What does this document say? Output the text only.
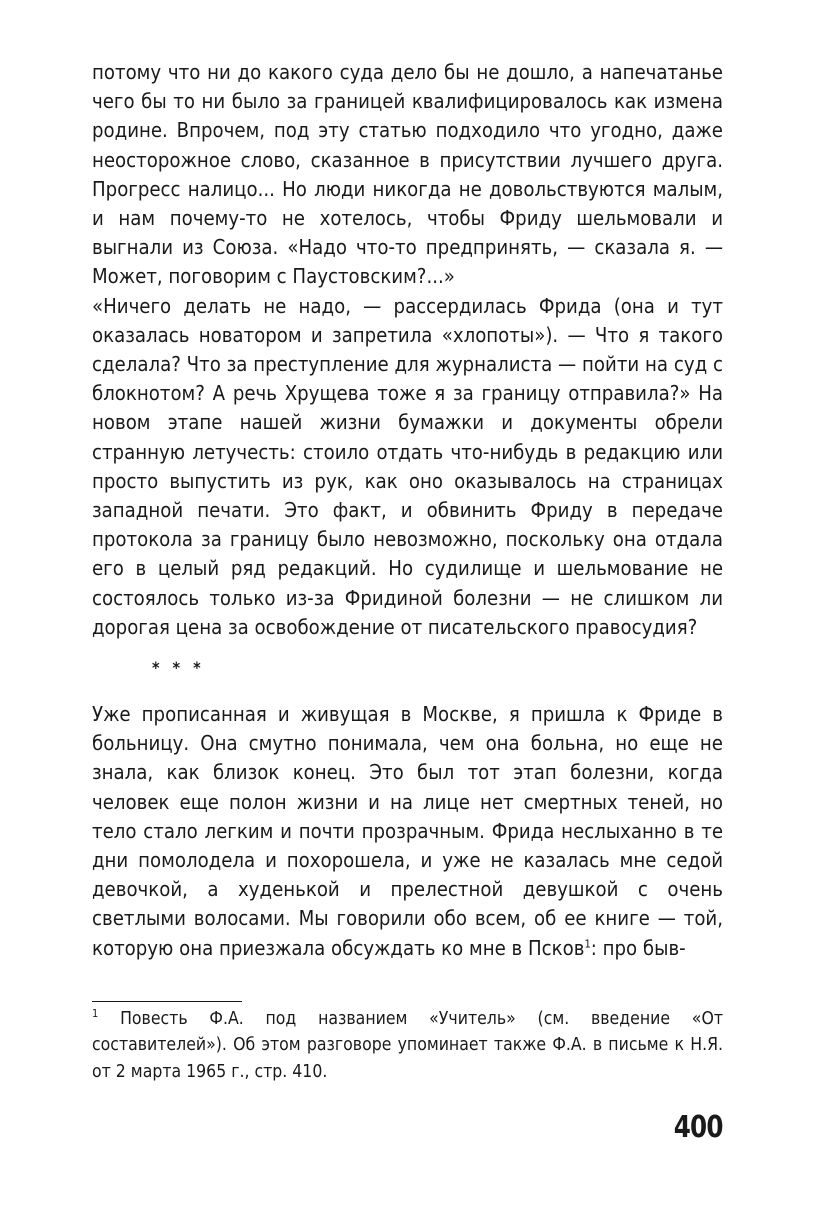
потому что ни до какого суда дело бы не дошло, а напечатанье чего бы то ни было за границей квалифицировалось как измена родине. Впрочем, под эту статью подходило что угодно, даже неосторожное слово, сказанное в присутствии лучшего друга. Прогресс налицо... Но люди никогда не довольствуются малым, и нам почему-то не хотелось, чтобы Фриду шельмовали и выгнали из Союза. «Надо что-то предпринять, — сказала я. — Может, поговорим с Паустовским?...»

«Ничего делать не надо, — рассердилась Фрида (она и тут оказалась новатором и запретила «хлопоты»). — Что я такого сделала? Что за преступление для журналиста — пойти на суд с блокнотом? А речь Хрущева тоже я за границу отправила?» На новом этапе нашей жизни бумажки и документы обрели странную летучесть: стоило отдать что-нибудь в редакцию или просто выпустить из рук, как оно оказывалось на страницах западной печати. Это факт, и обвинить Фриду в передаче протокола за границу было невозможно, поскольку она отдала его в целый ряд редакций. Но судилище и шельмование не состоялось только из-за Фридиной болезни — не слишком ли дорогая цена за освобождение от писательского правосудия?

* * *

Уже прописанная и живущая в Москве, я пришла к Фриде в больницу. Она смутно понимала, чем она больна, но еще не знала, как близок конец. Это был тот этап болезни, когда человек еще полон жизни и на лице нет смертных теней, но тело стало легким и почти прозрачным. Фрида неслыханно в те дни помолодела и похорошела, и уже не казалась мне седой девочкой, а худенькой и прелестной девушкой с очень светлыми волосами. Мы говорили обо всем, об ее книге — той, которую она приезжала обсуждать ко мне в Псков$^1$: про быв-

$^1$ Повесть Ф.А. под названием «Учитель» (см. введение «От составителей»). Об этом разговоре упоминает также Ф.А. в письме к Н.Я. от 2 марта 1965 г., стр. 410.

400
